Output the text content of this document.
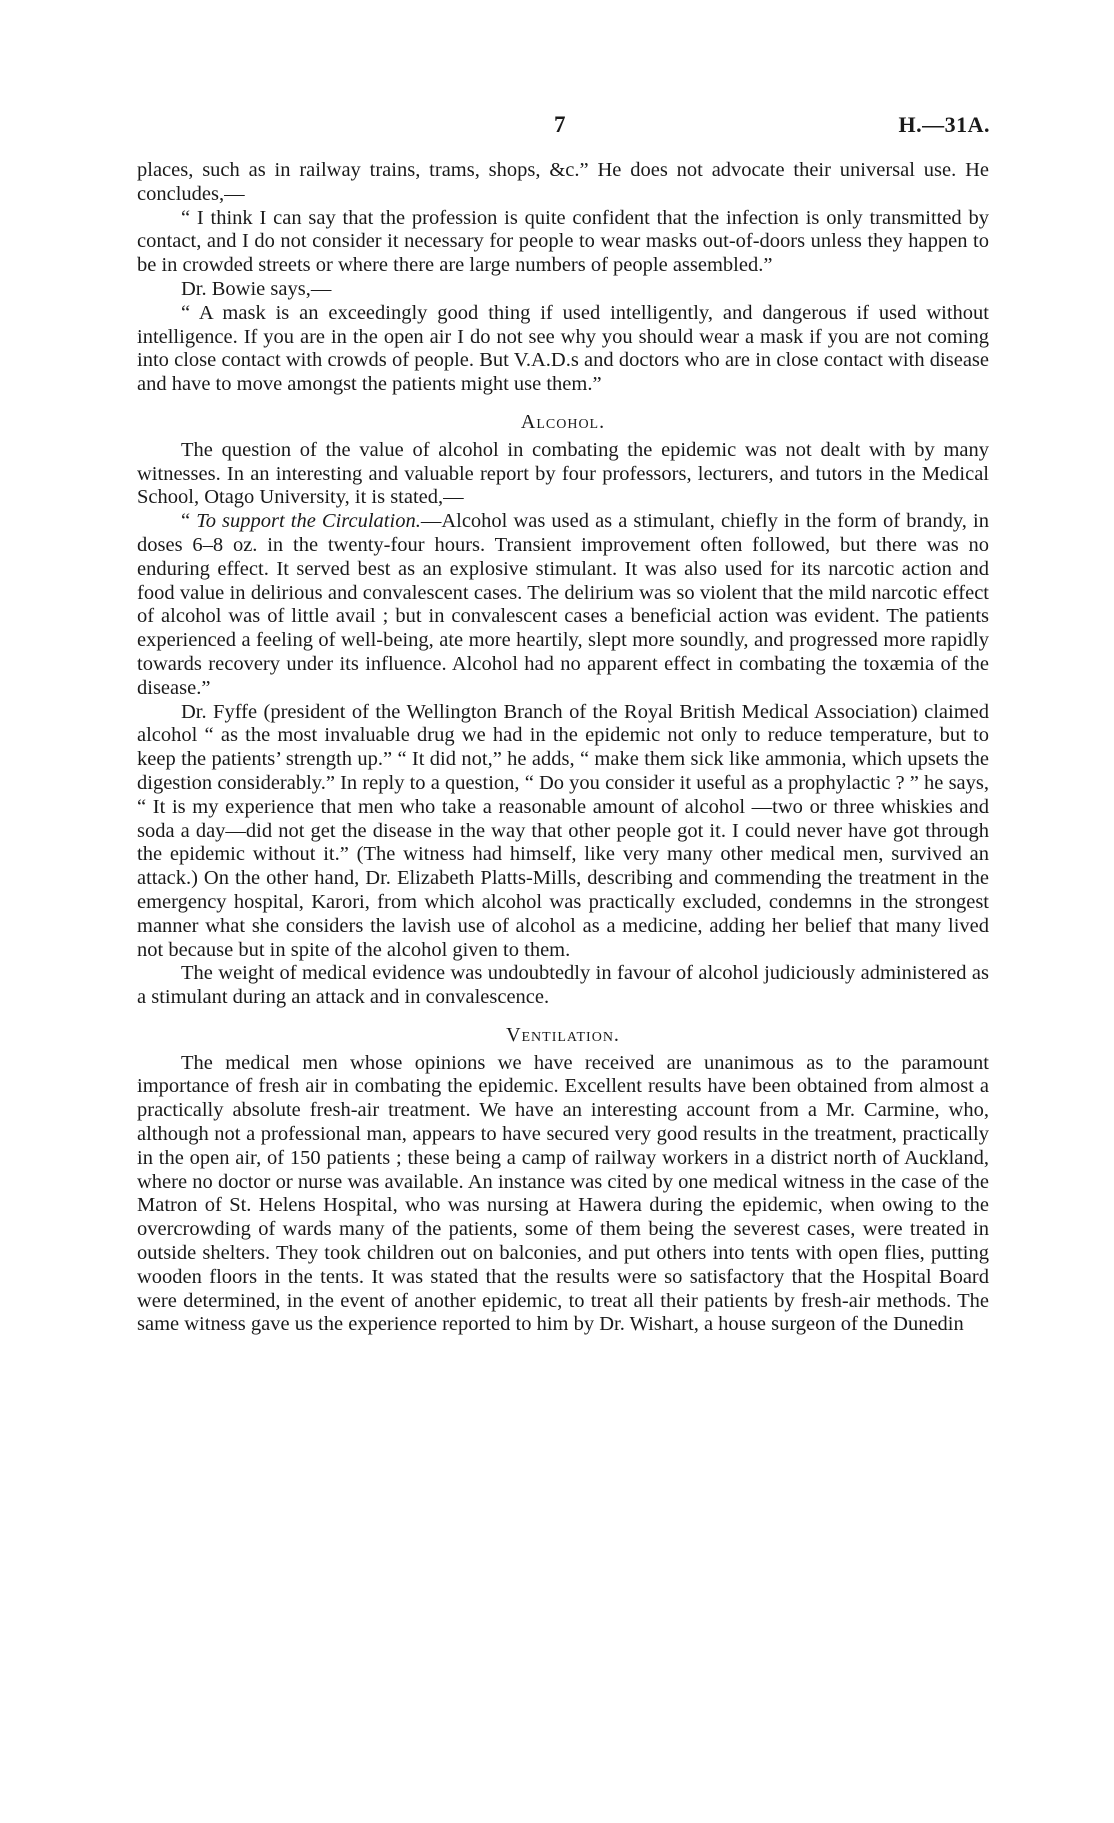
7	H.—31A.

places, such as in railway trains, trams, shops, &c.” He does not advocate their universal use. He concludes,—

“ I think I can say that the profession is quite confident that the infection is only transmitted by contact, and I do not consider it necessary for people to wear masks out-of-doors unless they happen to be in crowded streets or where there are large numbers of people assembled.”

Dr. Bowie says,—

“ A mask is an exceedingly good thing if used intelligently, and dangerous if used without intelligence. If you are in the open air I do not see why you should wear a mask if you are not coming into close contact with crowds of people. But V.A.D.s and doctors who are in close contact with disease and have to move amongst the patients might use them.”

Alcohol.

The question of the value of alcohol in combating the epidemic was not dealt with by many witnesses. In an interesting and valuable report by four professors, lecturers, and tutors in the Medical School, Otago University, it is stated,—

“ To support the Circulation.—Alcohol was used as a stimulant, chiefly in the form of brandy, in doses 6–8 oz. in the twenty-four hours. Transient improvement often followed, but there was no enduring effect. It served best as an explosive stimulant. It was also used for its narcotic action and food value in delirious and convalescent cases. The delirium was so violent that the mild narcotic effect of alcohol was of little avail ; but in convalescent cases a beneficial action was evident. The patients experienced a feeling of well-being, ate more heartily, slept more soundly, and progressed more rapidly towards recovery under its influence. Alcohol had no apparent effect in combating the toxæmia of the disease.”

Dr. Fyffe (president of the Wellington Branch of the Royal British Medical Association) claimed alcohol “ as the most invaluable drug we had in the epidemic not only to reduce temperature, but to keep the patients’ strength up.” “ It did not,” he adds, “ make them sick like ammonia, which upsets the digestion considerably.” In reply to a question, “ Do you consider it useful as a prophylactic ? ” he says, “ It is my experience that men who take a reasonable amount of alcohol —two or three whiskies and soda a day—did not get the disease in the way that other people got it. I could never have got through the epidemic without it.” (The witness had himself, like very many other medical men, survived an attack.) On the other hand, Dr. Elizabeth Platts-Mills, describing and commending the treatment in the emergency hospital, Karori, from which alcohol was practically excluded, condemns in the strongest manner what she considers the lavish use of alcohol as a medicine, adding her belief that many lived not because but in spite of the alcohol given to them.

The weight of medical evidence was undoubtedly in favour of alcohol judiciously administered as a stimulant during an attack and in convalescence.

Ventilation.

The medical men whose opinions we have received are unanimous as to the paramount importance of fresh air in combating the epidemic. Excellent results have been obtained from almost a practically absolute fresh-air treatment. We have an interesting account from a Mr. Carmine, who, although not a professional man, appears to have secured very good results in the treatment, practically in the open air, of 150 patients ; these being a camp of railway workers in a district north of Auckland, where no doctor or nurse was available. An instance was cited by one medical witness in the case of the Matron of St. Helens Hospital, who was nursing at Hawera during the epidemic, when owing to the overcrowding of wards many of the patients, some of them being the severest cases, were treated in outside shelters. They took children out on balconies, and put others into tents with open flies, putting wooden floors in the tents. It was stated that the results were so satisfactory that the Hospital Board were determined, in the event of another epidemic, to treat all their patients by fresh-air methods. The same witness gave us the experience reported to him by Dr. Wishart, a house surgeon of the Dunedin
